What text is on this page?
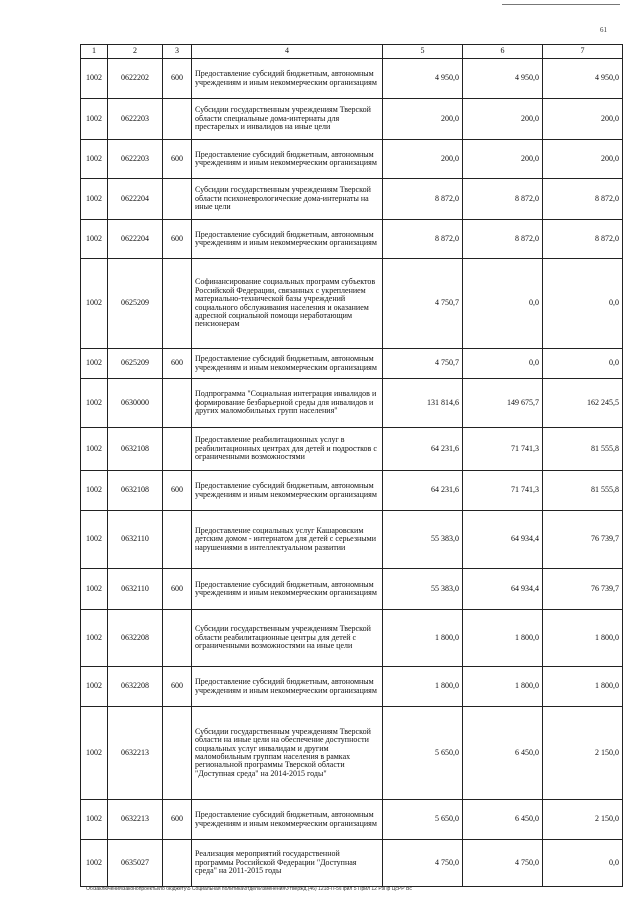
61
1	2	3	4	5	6	7
1002	0622202	600	Предоставление субсидий бюджетным, автономным учреждениям и иным некоммерческим организациям	4 950,0	4 950,0	4 950,0
1002	0622203		Субсидии государственным учреждениям Тверской области специальные дома-интернаты для престарелых и инвалидов на иные цели	200,0	200,0	200,0
1002	0622203	600	Предоставление субсидий бюджетным, автономным учреждениям и иным некоммерческим организациям	200,0	200,0	200,0
1002	0622204		Субсидии государственным учреждениям Тверской области психоневрологические дома-интернаты на иные цели	8 872,0	8 872,0	8 872,0
1002	0622204	600	Предоставление субсидий бюджетным, автономным учреждениям и иным некоммерческим организациям	8 872,0	8 872,0	8 872,0
1002	0625209		Софинансирование социальных программ субъектов Российской Федерации, связанных с укреплением материально-технической базы учреждений социального обслуживания населения и оказанием адресной социальной помощи неработающим пенсионерам	4 750,7	0,0	0,0
1002	0625209	600	Предоставление субсидий бюджетным, автономным учреждениям и иным некоммерческим организациям	4 750,7	0,0	0,0
1002	0630000		Подпрограмма "Социальная интеграция инвалидов и формирование безбарьерной среды для инвалидов и других маломобильных групп населения"	131 814,6	149 675,7	162 245,5
1002	0632108		Предоставление реабилитационных услуг в реабилитационных центрах для детей и подростков с ограниченными возможностями	64 231,6	71 741,3	81 555,8
1002	0632108	600	Предоставление субсидий бюджетным, автономным учреждениям и иным некоммерческим организациям	64 231,6	71 741,3	81 555,8
1002	0632110		Предоставление социальных услуг Кашаровским детским домом - интернатом для детей с серьезными нарушениями в интеллектуальном развитии	55 383,0	64 934,4	76 739,7
1002	0632110	600	Предоставление субсидий бюджетным, автономным учреждениям и иным некоммерческим организациям	55 383,0	64 934,4	76 739,7
1002	0632208		Субсидии государственным учреждениям Тверской области реабилитационные центры для детей с ограниченными возможностями на иные цели	1 800,0	1 800,0	1 800,0
1002	0632208	600	Предоставление субсидий бюджетным, автономным учреждениям и иным некоммерческим организациям	1 800,0	1 800,0	1 800,0
1002	0632213		Субсидии государственным учреждениям Тверской области на иные цели на обеспечение доступности социальных услуг инвалидам и другим маломобильным группам населения в рамках региональной программы Тверской области "Доступная среда" на 2014-2015 годы"	5 650,0	6 450,0	2 150,0
1002	0632213	600	Предоставление субсидий бюджетным, автономным учреждениям и иным некоммерческим организациям	5 650,0	6 450,0	2 150,0
1002	0635027		Реализация мероприятий государственной программы Российской Федерации "Доступная среда" на 2011-2015 годы	4 750,0	4 750,0	0,0
Об\заключения\законопроекты\по бюджету\5 Социальная политика\отдел\Изменения\Утвержд.(46) 1218-П-5\Прил 5 Прил 12 РзПр ЦсРР Вс
